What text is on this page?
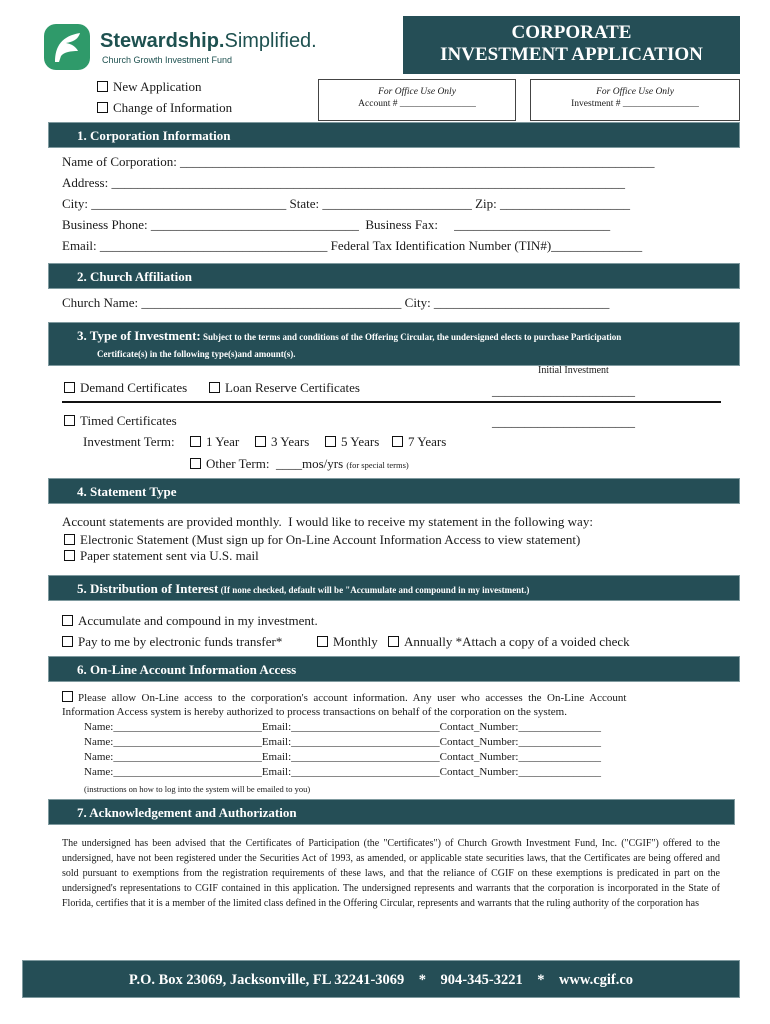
Stewardship.Simplified.
Church Growth Investment Fund
CORPORATE
INVESTMENT APPLICATION
New Application
Change of Information
For Office Use Only
Account # ________________
For Office Use Only
Investment # ________________
1. Corporation Information
Name of Corporation: _________________________________________________________________________
Address: _______________________________________________________________________________
City: ______________________________ State: _______________________ Zip: ____________________
Business Phone: ________________________________  Business Fax:     ________________________
Email: ___________________________________ Federal Tax Identification Number (TIN#)______________
2. Church Affiliation
Church Name: ________________________________________ City: ___________________________
3. Type of Investment: Subject to the terms and conditions of the Offering Circular, the undersigned elects to purchase Participation
Certificate(s) in the following type(s)and amount(s).
Initial Investment
Demand Certificates	Loan Reserve Certificates	______________________
Timed Certificates	______________________
Investment Term:	1 Year	3 Years	5 Years	7 Years
Other Term:  ____mos/yrs (for special terms)
4. Statement Type
Account statements are provided monthly.  I would like to receive my statement in the following way:
Electronic Statement (Must sign up for On-Line Account Information Access to view statement)
Paper statement sent via U.S. mail
5. Distribution of Interest (If none checked, default will be "Accumulate and compound in my investment.)
Accumulate and compound in my investment.
Pay to me by electronic funds transfer*	Monthly	Annually *Attach a copy of a voided check
6. On-Line Account Information Access
Please  allow  On-Line  access  to  the  corporation's  account  information.  Any  user  who  accesses  the  On-Line  Account
Information Access system is hereby authorized to process transactions on behalf of the corporation on the system.
Name:___________________________Email:___________________________Contact_Number:_______________
Name:___________________________Email:___________________________Contact_Number:_______________
Name:___________________________Email:___________________________Contact_Number:_______________
Name:___________________________Email:___________________________Contact_Number:_______________
(instructions on how to log into the system will be emailed to you)
7. Acknowledgement and Authorization
The undersigned has been advised that the Certificates of Participation (the "Certificates") of Church Growth Investment Fund, Inc. ("CGIF") offered to the undersigned, have not been registered under the Securities Act of 1993, as amended, or applicable state securities laws, that the Certificates are being offered and sold pursuant to exemptions from the registration requirements of these laws, and that the reliance of CGIF on these exemptions is predicated in part on the undersigned's representations to CGIF contained in this application. The undersigned represents and warrants that the corporation is incorporated in the State of Florida, certifies that it is a member of the limited class defined in the Offering Circular, represents and warrants that the ruling authority of the corporation has
P.O. Box 23069, Jacksonville, FL 32241-3069    *    904-345-3221    *    www.cgif.co
